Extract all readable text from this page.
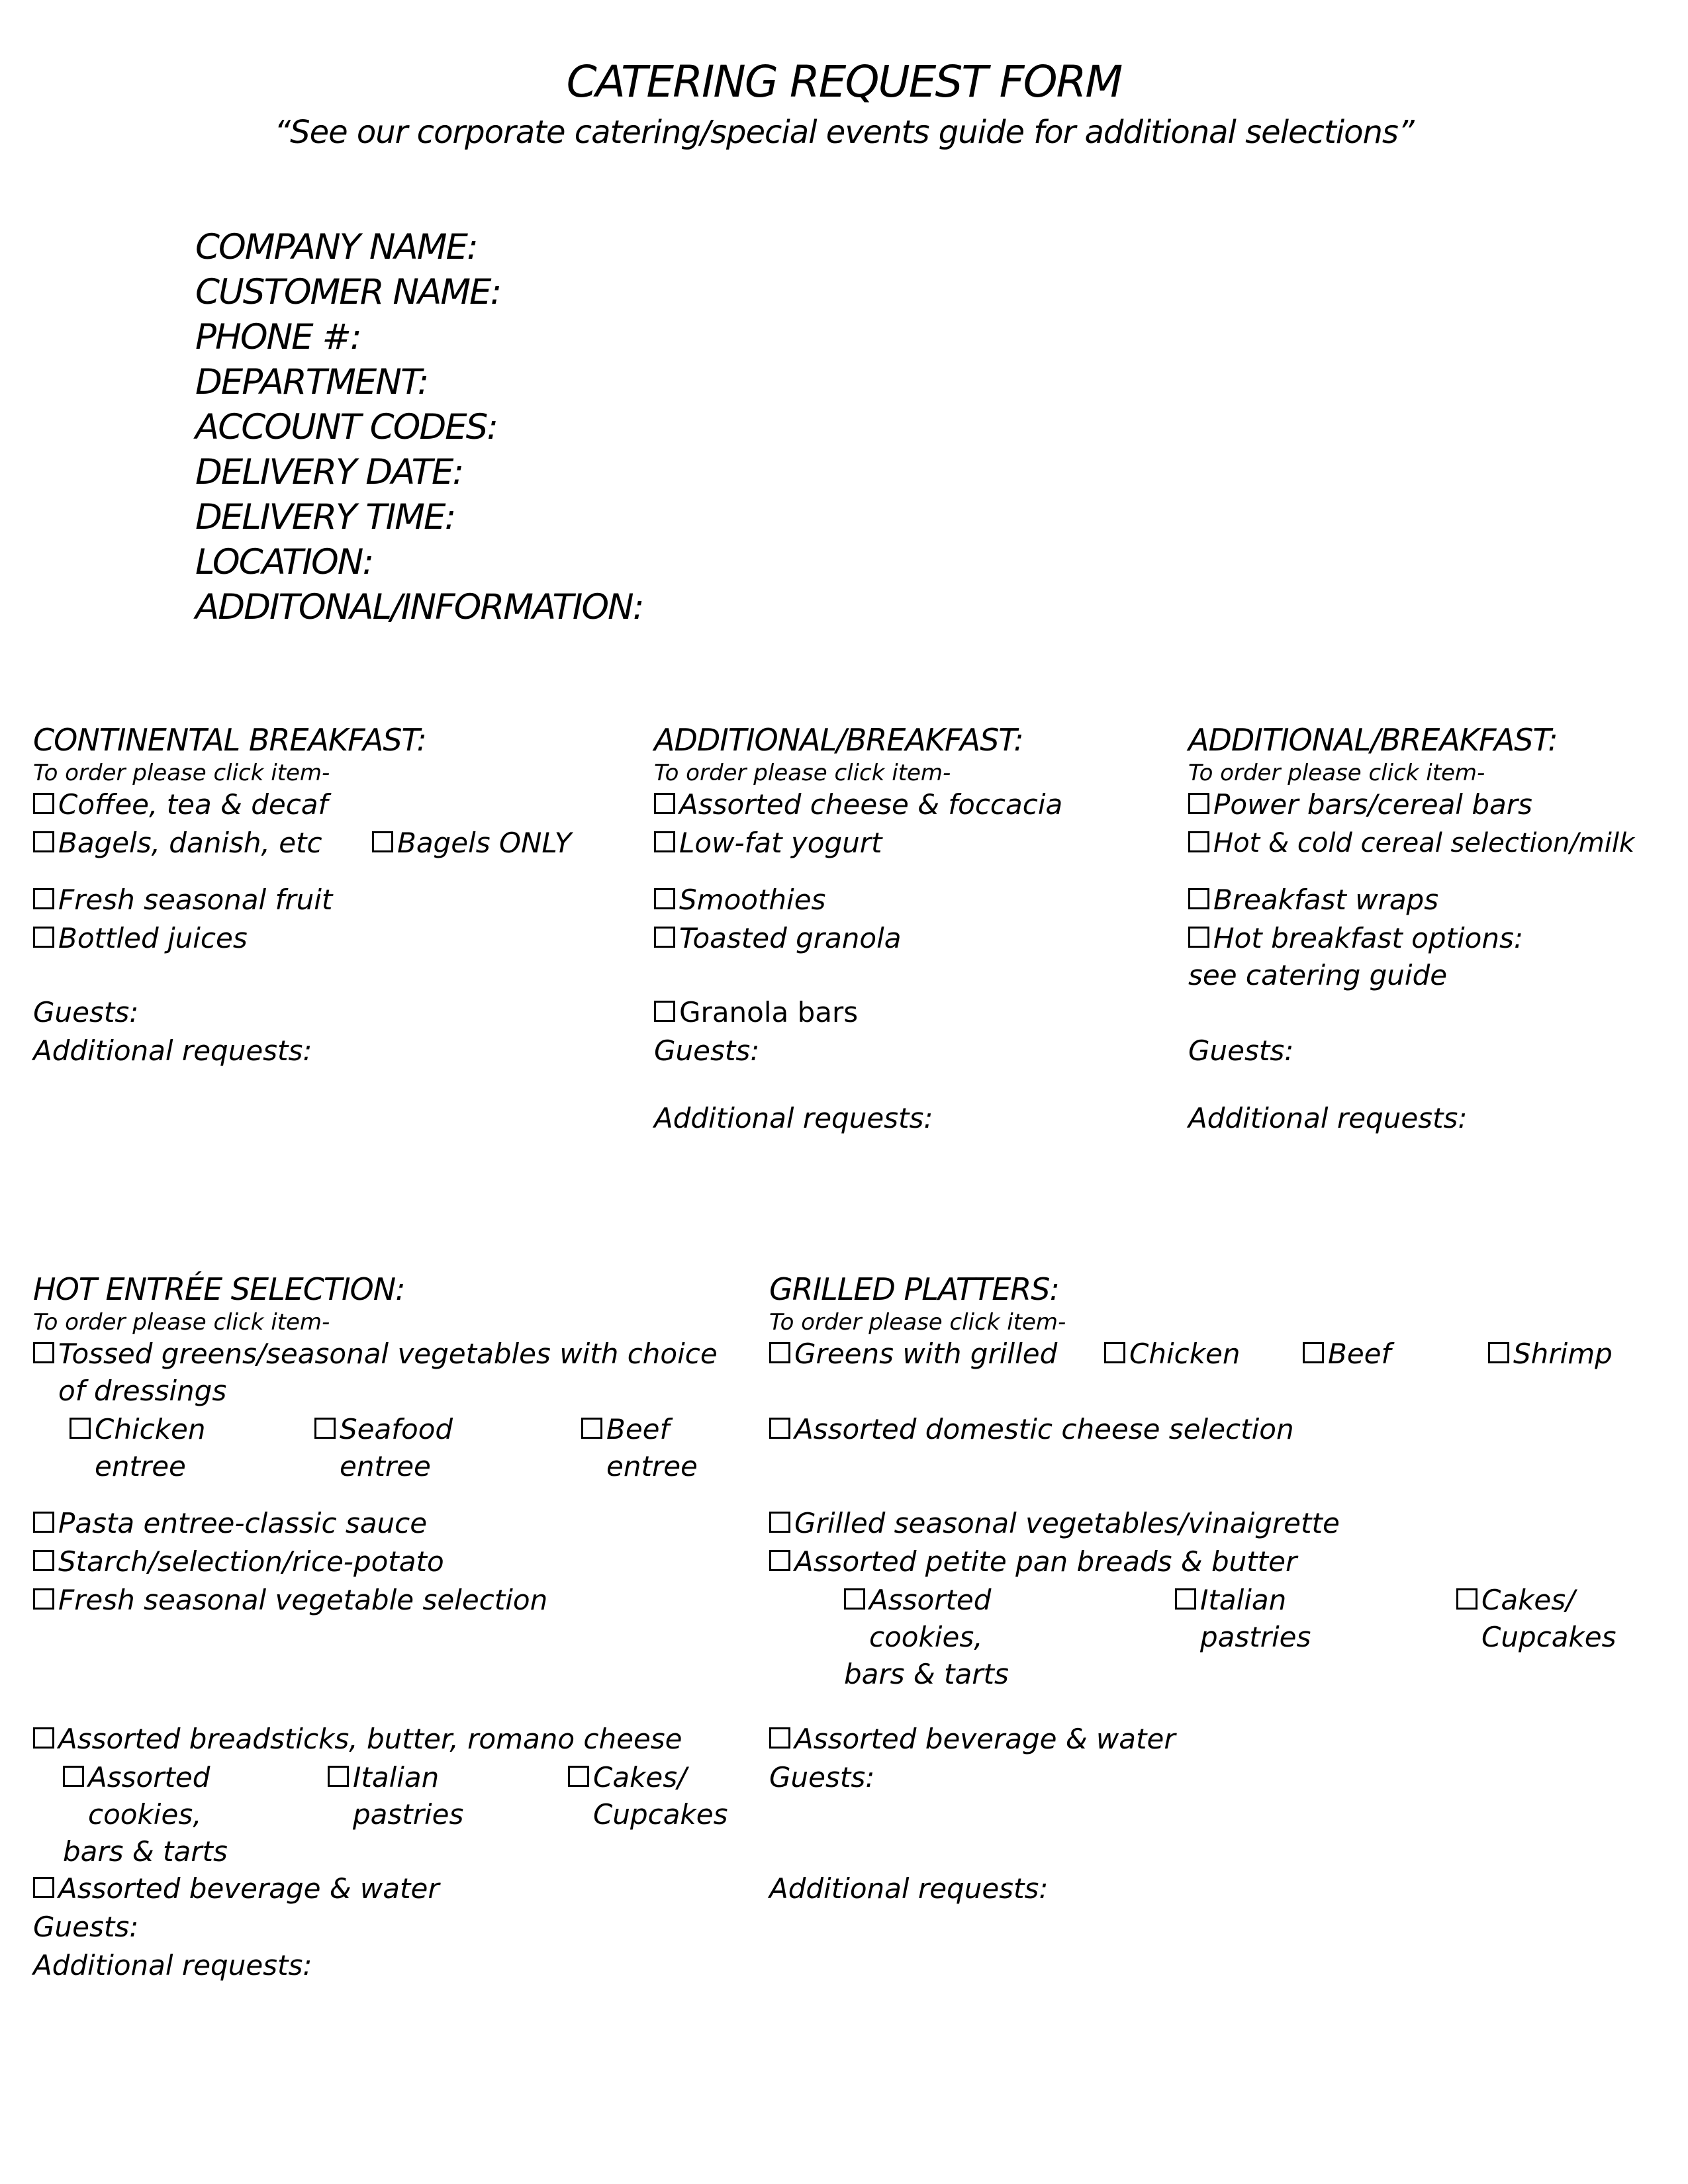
CATERING REQUEST FORM
“See our corporate catering/special events guide for additional selections”
COMPANY NAME:
CUSTOMER NAME:
PHONE #:
DEPARTMENT:
ACCOUNT CODES:
DELIVERY DATE:
DELIVERY TIME:
LOCATION:
ADDITONAL/INFORMATION:
CONTINENTAL BREAKFAST:
To order please click item-
Coffee, tea & decaf
Bagels, danish, etc	Bagels ONLY
Fresh seasonal fruit
Bottled juices
Guests:
Additional requests:
ADDITIONAL/BREAKFAST:
To order please click item-
Assorted cheese & foccacia
Low-fat yogurt
Smoothies
Toasted granola
Granola bars
Guests:
Additional requests:
ADDITIONAL/BREAKFAST:
To order please click item-
Power bars/cereal bars
Hot & cold cereal selection/milk
Breakfast wraps
Hot breakfast options:
see catering guide
Guests:
Additional requests:
HOT ENTRÉE SELECTION:
To order please click item-
Tossed greens/seasonal vegetables with choice of dressings
Chicken
entree
Seafood
entree
Beef
entree
Pasta entree-classic sauce
Starch/selection/rice-potato
Fresh seasonal vegetable selection
Assorted breadsticks, butter, romano cheese
Assorted
cookies,
bars & tarts
Italian
pastries
Cakes/
Cupcakes
Assorted beverage & water
Guests:
Additional requests:
GRILLED PLATTERS:
To order please click item-
Greens with grilled	Chicken	Beef	Shrimp
Assorted domestic cheese selection
Grilled seasonal vegetables/vinaigrette
Assorted petite pan breads & butter
Assorted
cookies,
bars & tarts
Italian
pastries
Cakes/
Cupcakes
Assorted beverage & water
Guests:
Additional requests:
